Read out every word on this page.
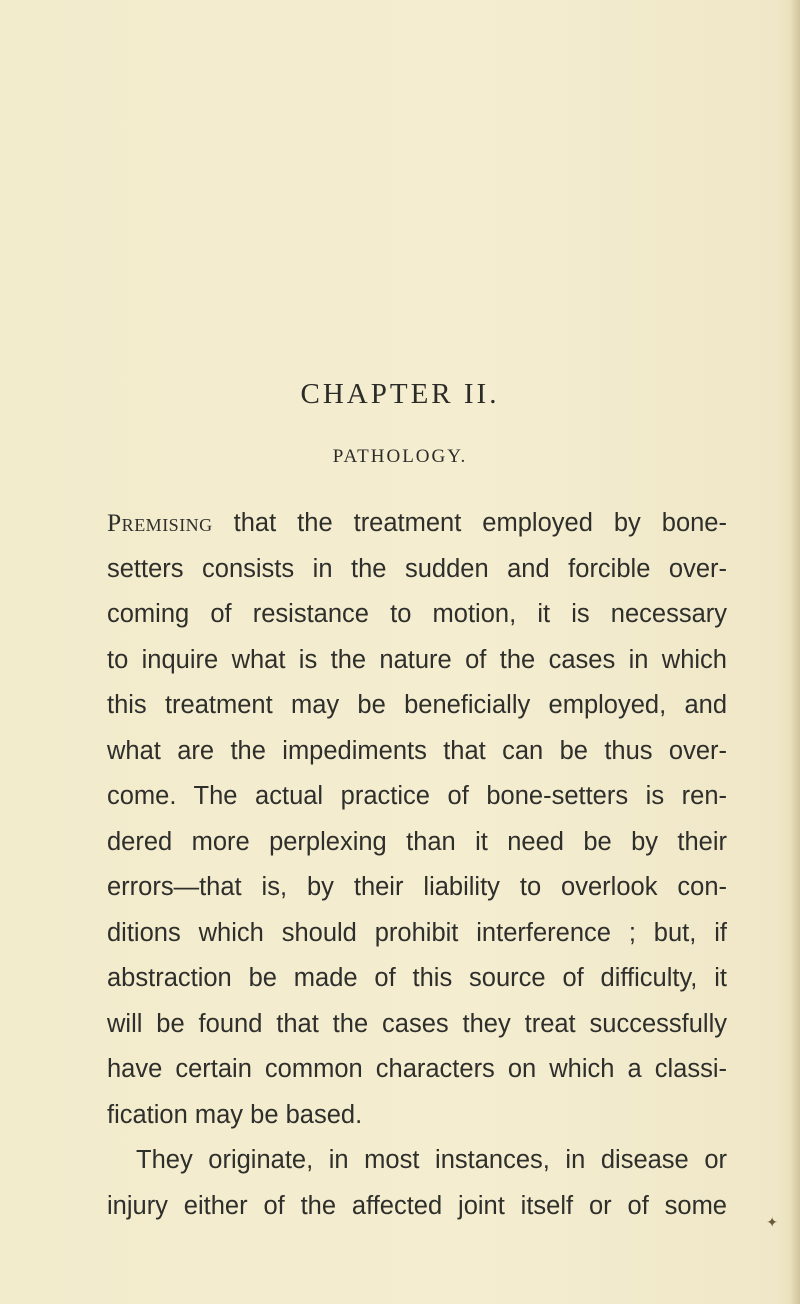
CHAPTER II.
PATHOLOGY.
Premising that the treatment employed by bone-
setters consists in the sudden and forcible over-
coming of resistance to motion, it is necessary
to inquire what is the nature of the cases in which
this treatment may be beneficially employed, and
what are the impediments that can be thus over-
come. The actual practice of bone-setters is ren-
dered more perplexing than it need be by their
errors—that is, by their liability to overlook con-
ditions which should prohibit interference ; but, if
abstraction be made of this source of difficulty, it
will be found that the cases they treat successfully
have certain common characters on which a classi-
fication may be based.
They originate, in most instances, in disease or
injury either of the affected joint itself or of some
✦
